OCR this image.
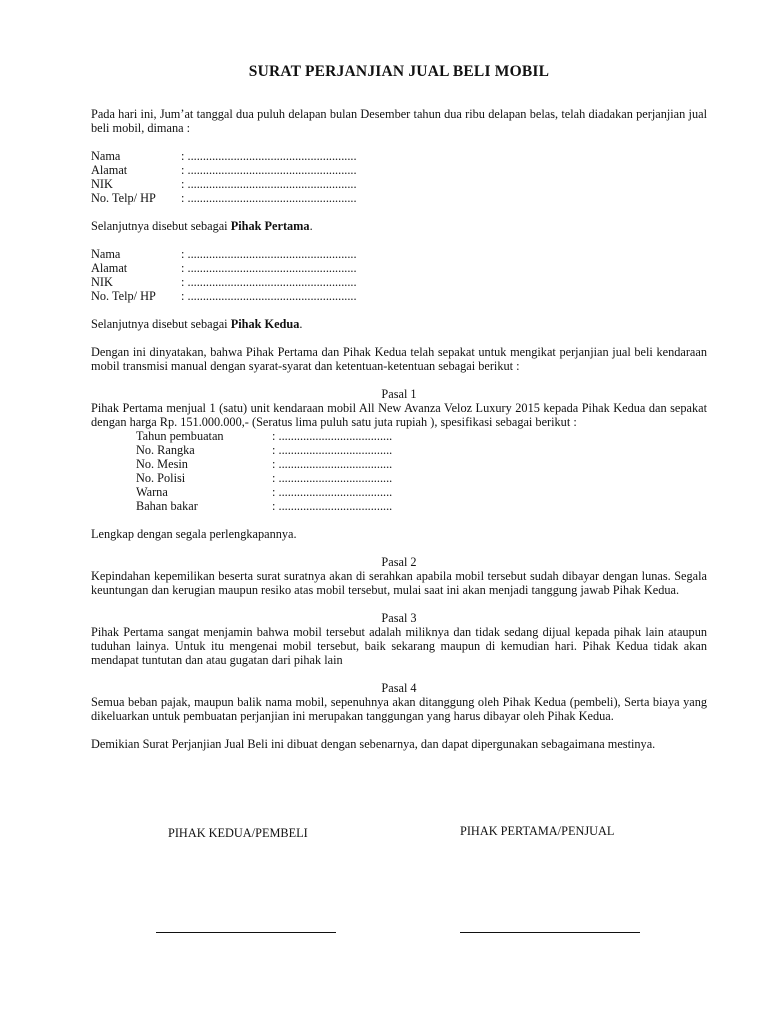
SURAT PERJANJIAN JUAL BELI MOBIL

Pada hari ini, Jum’at tanggal dua puluh delapan bulan Desember tahun dua ribu delapan belas, telah diadakan perjanjian jual beli mobil, dimana :

Nama	: .......................................................
Alamat	: .......................................................
NIK	: .......................................................
No. Telp/ HP	: .......................................................

Selanjutnya disebut sebagai Pihak Pertama.

Nama	: .......................................................
Alamat	: .......................................................
NIK	: .......................................................
No. Telp/ HP	: .......................................................

Selanjutnya disebut sebagai Pihak Kedua.

Dengan ini dinyatakan, bahwa Pihak Pertama dan Pihak Kedua telah sepakat untuk mengikat perjanjian jual beli kendaraan mobil transmisi manual dengan syarat-syarat dan ketentuan-ketentuan sebagai berikut :

Pasal 1

Pihak Pertama menjual 1 (satu) unit kendaraan mobil All New Avanza Veloz Luxury 2015 kepada Pihak Kedua dan sepakat dengan harga Rp. 151.000.000,- (Seratus lima puluh satu juta rupiah ), spesifikasi sebagai berikut :

Tahun pembuatan	: .....................................
No. Rangka	: .....................................
No. Mesin	: .....................................
No. Polisi	: .....................................
Warna	: .....................................
Bahan bakar	: .....................................

Lengkap dengan segala perlengkapannya.

Pasal 2

Kepindahan kepemilikan beserta surat suratnya akan di serahkan apabila mobil tersebut sudah dibayar dengan lunas. Segala keuntungan dan kerugian maupun resiko atas mobil tersebut, mulai saat ini akan menjadi tanggung jawab Pihak Kedua.

Pasal 3

Pihak Pertama sangat menjamin bahwa mobil tersebut adalah miliknya dan tidak sedang dijual kepada pihak lain ataupun tuduhan lainya. Untuk itu mengenai mobil tersebut, baik sekarang maupun di kemudian hari. Pihak Kedua tidak akan mendapat tuntutan dan atau gugatan dari pihak lain

Pasal 4

Semua beban pajak, maupun balik nama mobil, sepenuhnya akan ditanggung oleh Pihak Kedua (pembeli), Serta biaya yang dikeluarkan untuk pembuatan perjanjian ini merupakan tanggungan yang harus dibayar oleh Pihak Kedua.

Demikian Surat Perjanjian Jual Beli ini dibuat dengan sebenarnya, dan dapat dipergunakan sebagaimana mestinya.

PIHAK KEDUA/PEMBELI	PIHAK PERTAMA/PENJUAL
